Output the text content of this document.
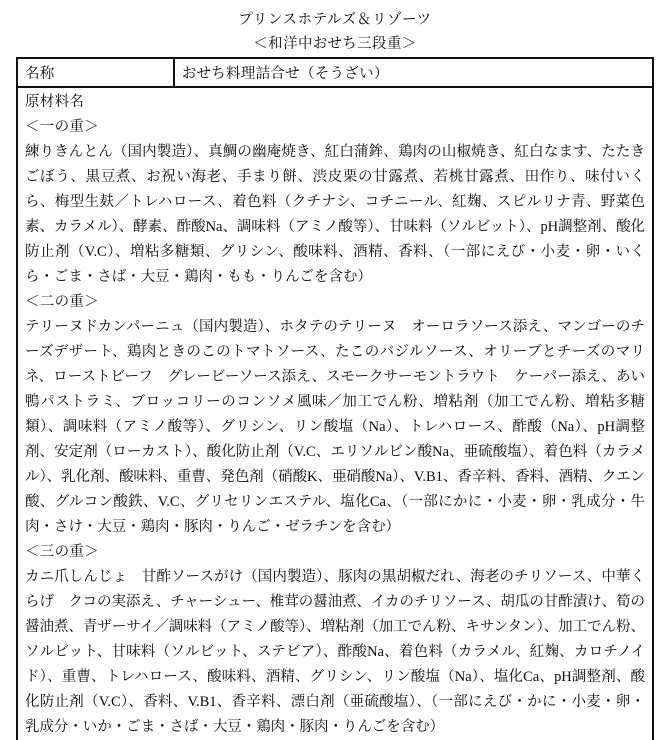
プリンスホテルズ＆リゾーツ
＜和洋中おせち三段重＞
名称	おせち料理詰合せ（そうざい）
原材料名
＜一の重＞
練りきんとん（国内製造）、真鯛の幽庵焼き、紅白蒲鉾、鶏肉の山椒焼き、紅白なます、たたきごぼう、黒豆煮、お祝い海老、手まり餅、渋皮栗の甘露煮、若桃甘露煮、田作り、味付いくら、梅型生麸／トレハロース、着色料（クチナシ、コチニール、紅麹、スピルリナ青、野菜色素、カラメル）、酵素、酢酸Na、調味料（アミノ酸等）、甘味料（ソルビット）、pH調整剤、酸化防止剤（V.C）、増粘多糖類、グリシン、酸味料、酒精、香料、（一部にえび・小麦・卵・いくら・ごま・さば・大豆・鶏肉・もも・りんごを含む）
＜二の重＞
テリーヌドカンパーニュ（国内製造）、ホタテのテリーヌ　オーロラソース添え、マンゴーのチーズデザート、鶏肉ときのこのトマトソース、たこのバジルソース、オリーブとチーズのマリネ、ローストビーフ　グレービーソース添え、スモークサーモントラウト　ケーパー添え、あい鴨パストラミ、ブロッコリーのコンソメ風味／加工でん粉、増粘剤（加工でん粉、増粘多糖類）、調味料（アミノ酸等）、グリシン、リン酸塩（Na）、トレハロース、酢酸（Na）、pH調整剤、安定剤（ローカスト）、酸化防止剤（V.C、エリソルビン酸Na、亜硫酸塩）、着色料（カラメル）、乳化剤、酸味料、重曹、発色剤（硝酸K、亜硝酸Na）、V.B1、香辛料、香料、酒精、クエン酸、グルコン酸鉄、V.C、グリセリンエステル、塩化Ca、（一部にかに・小麦・卵・乳成分・牛肉・さけ・大豆・鶏肉・豚肉・りんご・ゼラチンを含む）
＜三の重＞
カニ爪しんじょ　甘酢ソースがけ（国内製造）、豚肉の黒胡椒だれ、海老のチリソース、中華くらげ　クコの実添え、チャーシュー、椎茸の醤油煮、イカのチリソース、胡瓜の甘酢漬け、筍の醤油煮、青ザーサイ／調味料（アミノ酸等）、増粘剤（加工でん粉、キサンタン）、加工でん粉、ソルビット、甘味料（ソルビット、ステビア）、酢酸Na、着色料（カラメル、紅麹、カロチノイド）、重曹、トレハロース、酸味料、酒精、グリシン、リン酸塩（Na）、塩化Ca、pH調整剤、酸化防止剤（V.C）、香料、V.B1、香辛料、漂白剤（亜硫酸塩）、（一部にえび・かに・小麦・卵・乳成分・いか・ごま・さば・大豆・鶏肉・豚肉・りんごを含む）
